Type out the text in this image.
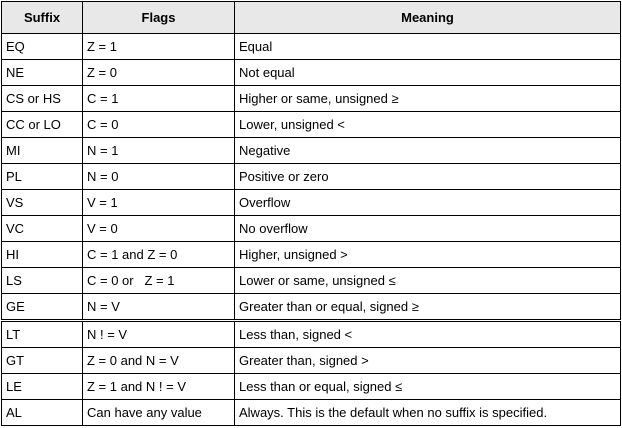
Suffix	Flags	Meaning
EQ	Z = 1	Equal
NE	Z = 0	Not equal
CS or HS	C = 1	Higher or same, unsigned ≥
CC or LO	C = 0	Lower, unsigned <
MI	N = 1	Negative
PL	N = 0	Positive or zero
VS	V = 1	Overflow
VC	V = 0	No overflow
HI	C = 1 and Z = 0	Higher, unsigned >
LS	C = 0 or   Z = 1	Lower or same, unsigned ≤
GE	N = V	Greater than or equal, signed ≥
LT	N ! = V	Less than, signed <
GT	Z = 0 and N = V	Greater than, signed >
LE	Z = 1 and N ! = V	Less than or equal, signed ≤
AL	Can have any value	Always. This is the default when no suffix is specified.
